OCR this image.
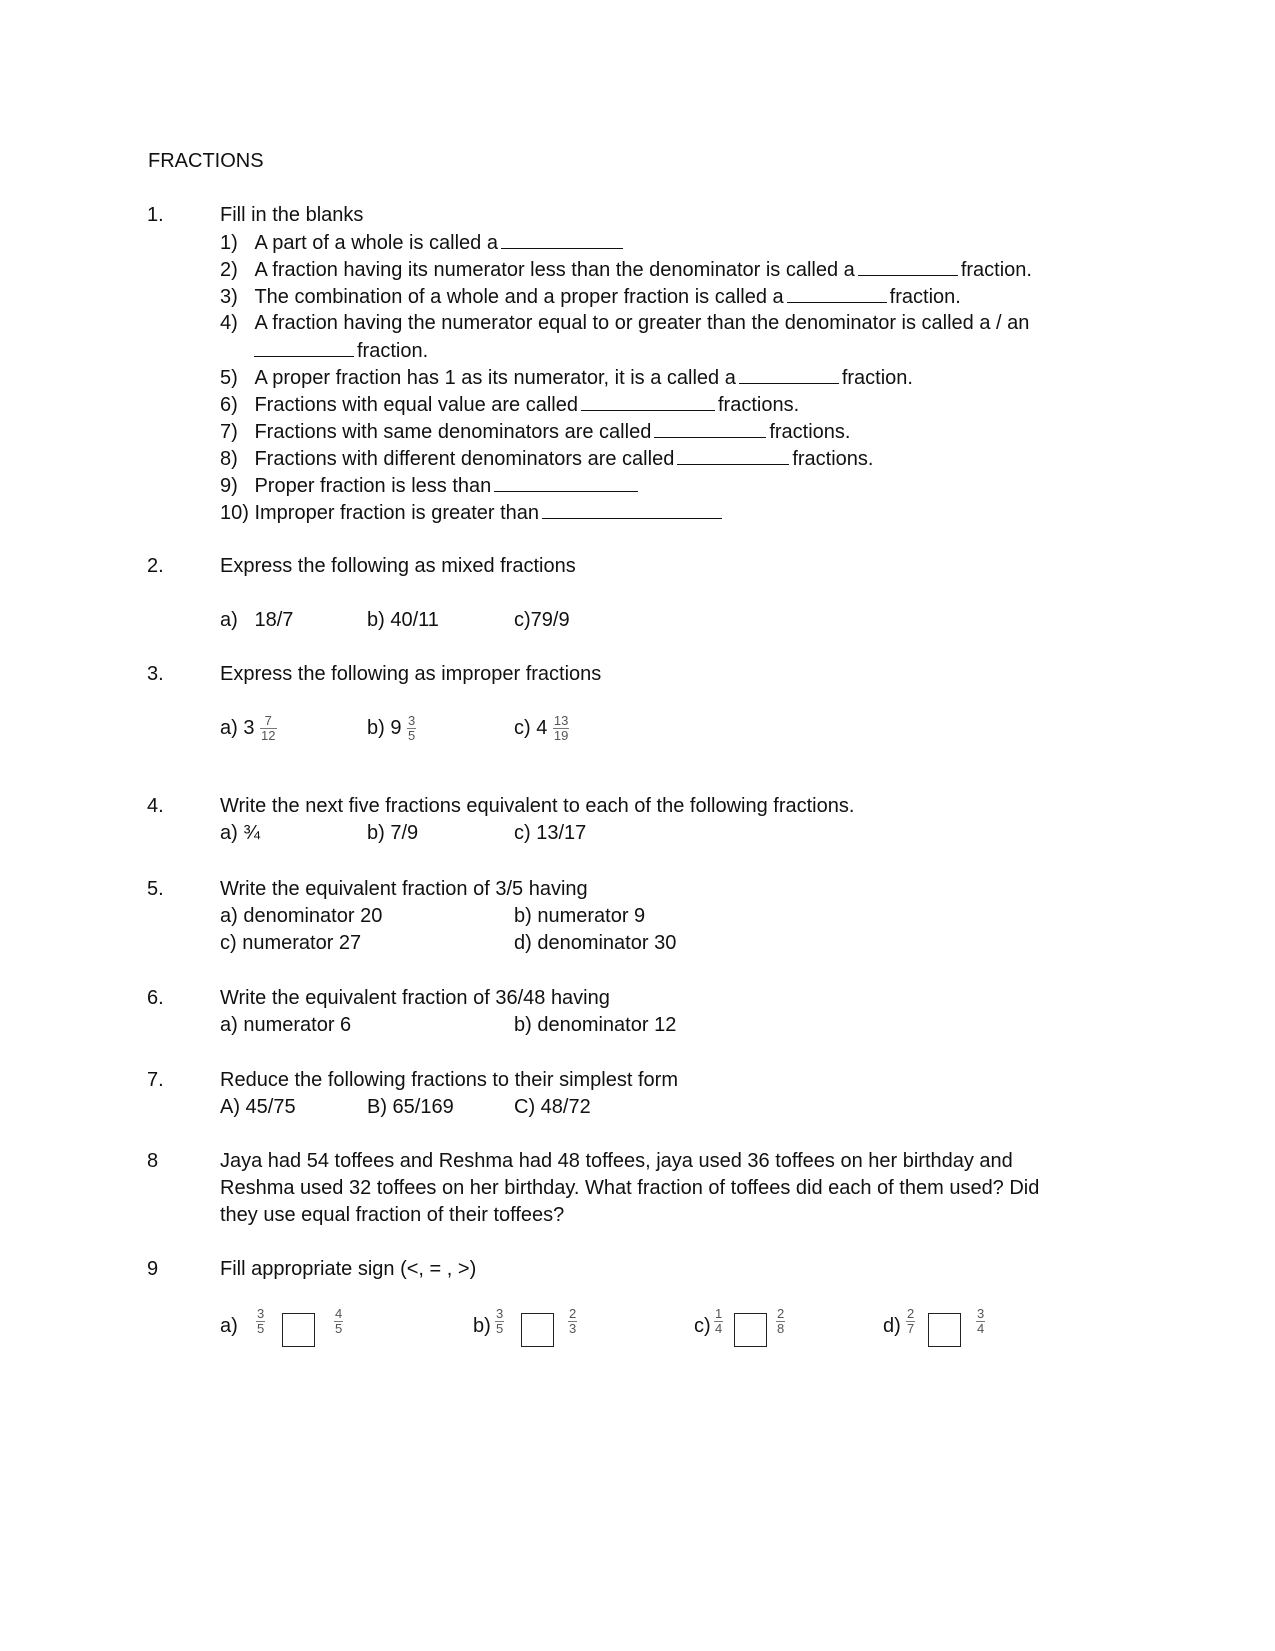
FRACTIONS
1.	Fill in the blanks
1) A part of a whole is called a
2) A fraction having its numerator less than the denominator is called a	fraction.
3) The combination of a whole and a proper fraction is called a	fraction.
4) A fraction having the numerator equal to or greater than the denominator is called a / an
fraction.
5) A proper fraction has 1 as its numerator, it is a called a	fraction.
6) Fractions with equal value are called	fractions.
7) Fractions with same denominators are called	fractions.
8) Fractions with different denominators are called	fractions.
9) Proper fraction is less than
10) Improper fraction is greater than
2.	Express the following as mixed fractions
a) 18/7	b) 40/11	c)79/9
3.	Express the following as improper fractions
a) $3 \frac{7}{12}$	b) $9 \frac{3}{5}$	c) $4 \frac{13}{19}$
4.	Write the next five fractions equivalent to each of the following fractions.
a) ¾	b) 7/9	c) 13/17
5.	Write the equivalent fraction of 3/5 having
a) denominator 20	b) numerator 9
c) numerator 27	d) denominator 30
6.	Write the equivalent fraction of 36/48 having
a) numerator 6	b) denominator 12
7.	Reduce the following fractions to their simplest form
A) 45/75	B) 65/169	C) 48/72
8	Jaya had 54 toffees and Reshma had 48 toffees, jaya used 36 toffees on her birthday and
Reshma used 32 toffees on her birthday. What fraction of toffees did each of them used? Did
they use equal fraction of their toffees?
9	Fill appropriate sign (<, = , >)
$a) \frac{3}{5}$	$\frac{4}{5}$	$b) \frac{3}{5}$	$\frac{2}{3}$	$c) \frac{1}{4}$	$\frac{2}{8}$	$d) \frac{2}{7}$	$\frac{3}{4}$
